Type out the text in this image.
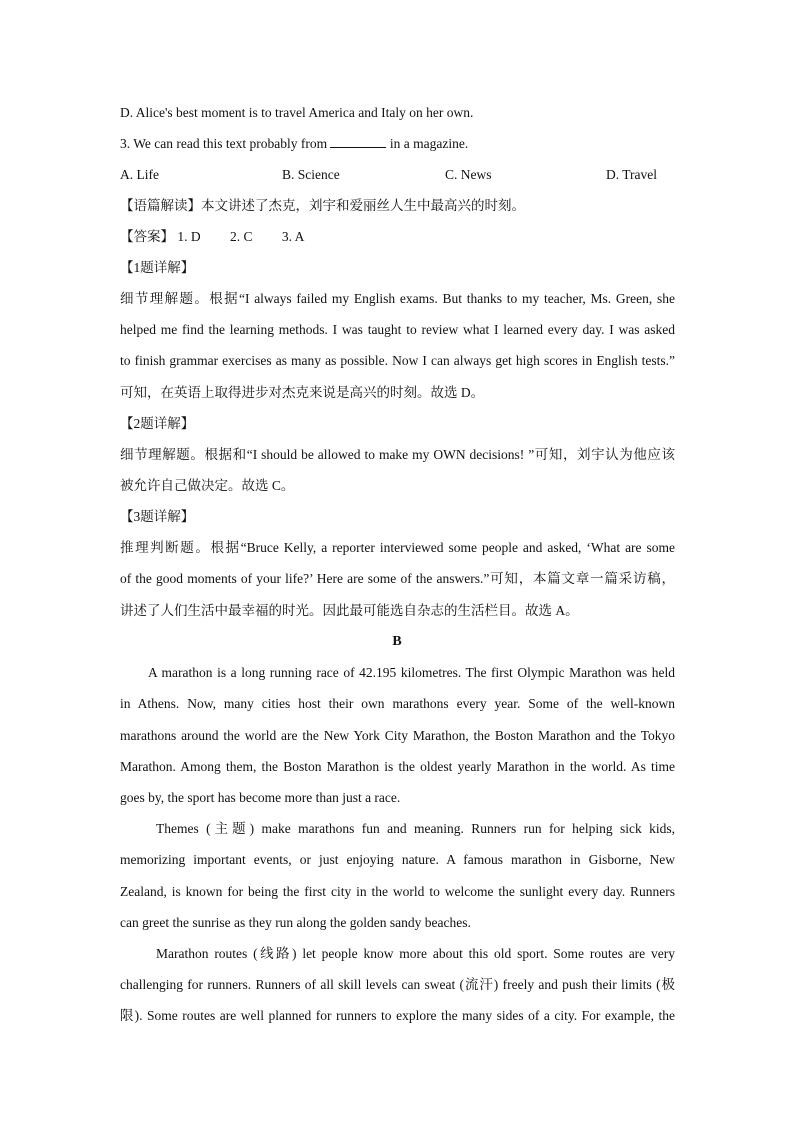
D. Alice's best moment is to travel America and Italy on her own.
3. We can read this text probably from	in a magazine.
A. Life	B. Science	C. News	D. Travel
【语篇解读】本文讲述了杰克，刘宇和爱丽丝人生中最高兴的时刻。
【答案】 1. D 2. C 3. A
【1题详解】
细节理解题。根据“I always failed my English exams. But thanks to my teacher, Ms. Green, she
helped me find the learning methods. I was taught to review what I learned every day. I was asked
to finish grammar exercises as many as possible. Now I can always get high scores in English tests.”
可知，在英语上取得进步对杰克来说是高兴的时刻。故选 D。
【2题详解】
细节理解题。根据和“I should be allowed to make my OWN decisions! ”可知，刘宇认为他应该
被允许自己做决定。故选 C。
【3题详解】
推理判断题。根据“Bruce Kelly, a reporter interviewed some people and asked, ‘What are some
of the good moments of your life?’ Here are some of the answers.”可知，本篇文章一篇采访稿，
讲述了人们生活中最幸福的时光。因此最可能选自杂志的生活栏目。故选 A。
B
A marathon is a long running race of 42.195 kilometres. The first Olympic Marathon was held
in Athens. Now, many cities host their own marathons every year. Some of the well-known
marathons around the world are the New York City Marathon, the Boston Marathon and the Tokyo
Marathon. Among them, the Boston Marathon is the oldest yearly Marathon in the world. As time
goes by, the sport has become more than just a race.
Themes (主题) make marathons fun and meaning. Runners run for helping sick kids,
memorizing important events, or just enjoying nature. A famous marathon in Gisborne, New
Zealand, is known for being the first city in the world to welcome the sunlight every day. Runners
can greet the sunrise as they run along the golden sandy beaches.
Marathon routes (线路) let people know more about this old sport. Some routes are very
challenging for runners. Runners of all skill levels can sweat (流汗) freely and push their limits (极
限). Some routes are well planned for runners to explore the many sides of a city. For example, the
